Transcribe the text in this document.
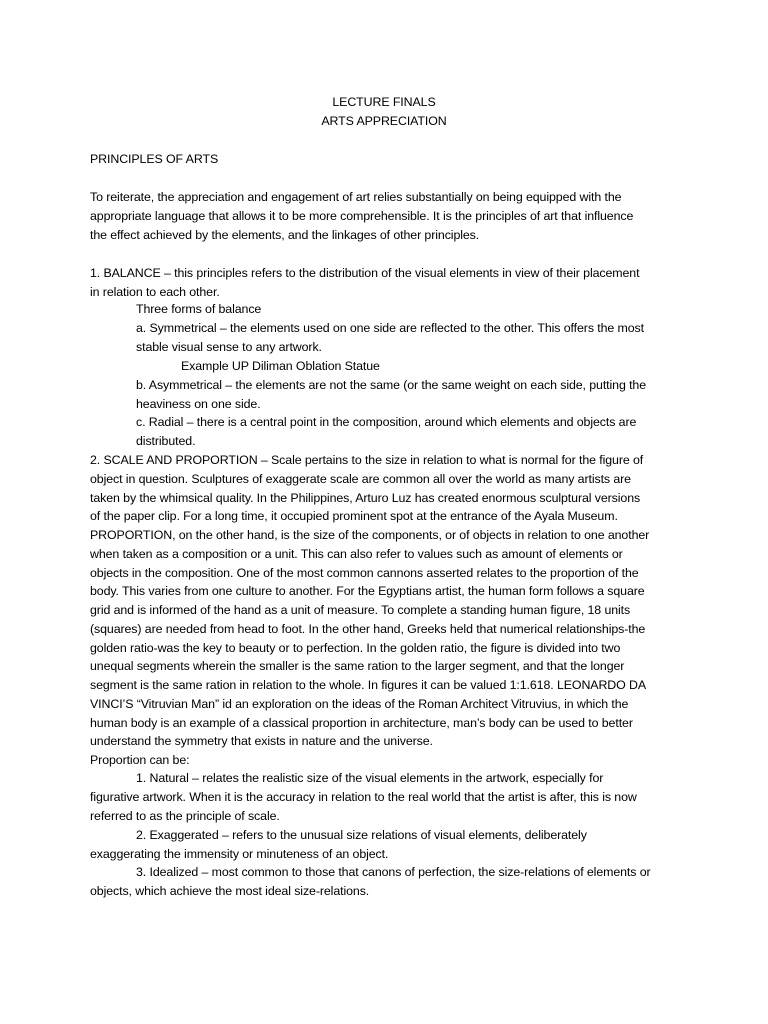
LECTURE FINALS
ARTS APPRECIATION
PRINCIPLES OF ARTS
To reiterate, the appreciation and engagement of art relies substantially on being equipped with the
appropriate language that allows it to be more comprehensible. It is the principles of art that influence
the effect achieved by the elements, and the linkages of other principles.
1. BALANCE – this principles refers to the distribution of the visual elements in view of their placement
in relation to each other.
Three forms of balance
a. Symmetrical – the elements used on one side are reflected to the other. This offers the most
stable visual sense to any artwork.
Example UP Diliman Oblation Statue
b. Asymmetrical – the elements are not the same (or the same weight on each side, putting the
heaviness on one side.
c. Radial – there is a central point in the composition, around which elements and objects are
distributed.
2. SCALE AND PROPORTION – Scale pertains to the size in relation to what is normal for the figure of
object in question. Sculptures of exaggerate scale are common all over the world as many artists are
taken by the whimsical quality. In the Philippines, Arturo Luz has created enormous sculptural versions
of the paper clip. For a long time, it occupied prominent spot at the entrance of the Ayala Museum.
PROPORTION, on the other hand, is the size of the components, or of objects in relation to one another
when taken as a composition or a unit. This can also refer to values such as amount of elements or
objects in the composition. One of the most common cannons asserted relates to the proportion of the
body. This varies from one culture to another. For the Egyptians artist, the human form follows a square
grid and is informed of the hand as a unit of measure. To complete a standing human figure, 18 units
(squares) are needed from head to foot. In the other hand, Greeks held that numerical relationships-the
golden ratio-was the key to beauty or to perfection. In the golden ratio, the figure is divided into two
unequal segments wherein the smaller is the same ration to the larger segment, and that the longer
segment is the same ration in relation to the whole. In figures it can be valued 1:1.618. LEONARDO DA
VINCI’S “Vitruvian Man” id an exploration on the ideas of the Roman Architect Vitruvius, in which the
human body is an example of a classical proportion in architecture, man’s body can be used to better
understand the symmetry that exists in nature and the universe.
Proportion can be:
1. Natural – relates the realistic size of the visual elements in the artwork, especially for
figurative artwork. When it is the accuracy in relation to the real world that the artist is after, this is now
referred to as the principle of scale.
2. Exaggerated – refers to the unusual size relations of visual elements, deliberately
exaggerating the immensity or minuteness of an object.
3. Idealized – most common to those that canons of perfection, the size-relations of elements or
objects, which achieve the most ideal size-relations.
